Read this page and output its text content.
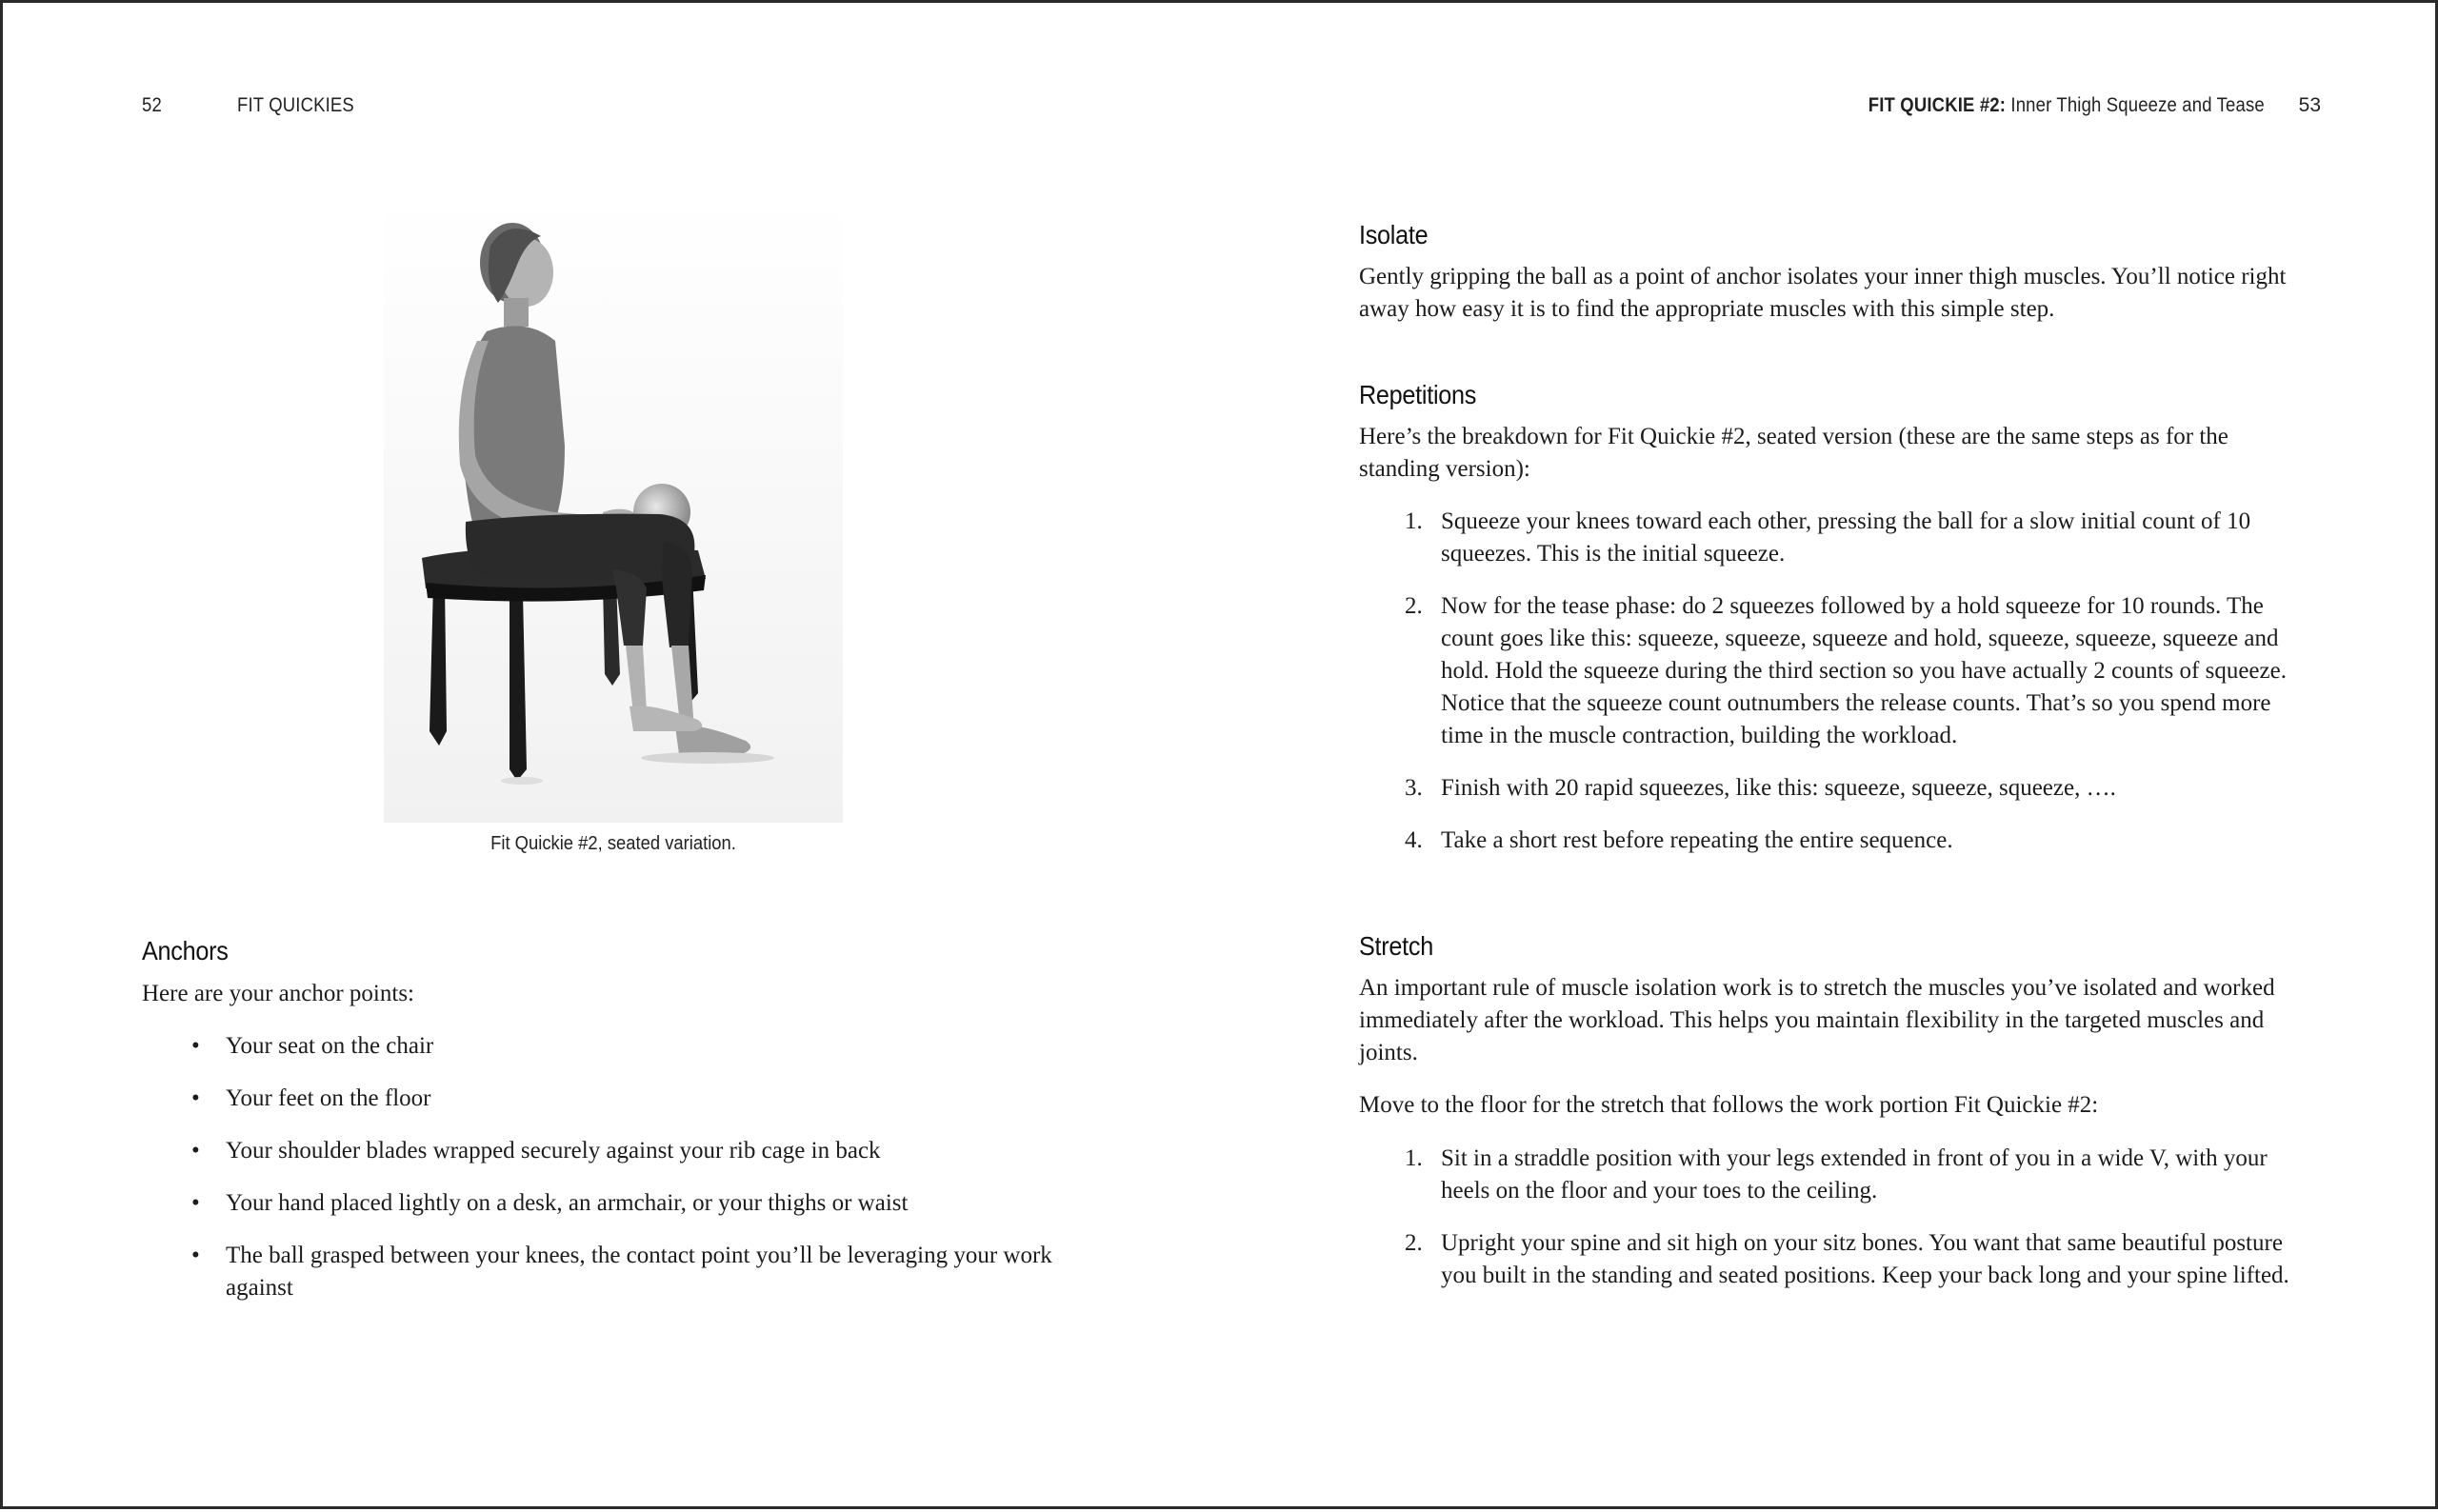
52	FIT QUICKIES
Fit Quickie #2, seated variation.
Anchors
Here are your anchor points:
• Your seat on the chair
• Your feet on the floor
• Your shoulder blades wrapped securely against your rib cage in back
• Your hand placed lightly on a desk, an armchair, or your thighs or waist
• The ball grasped between your knees, the contact point you’ll be leveraging your work against
FIT QUICKIE #2: Inner Thigh Squeeze and Tease 53
Isolate
Gently gripping the ball as a point of anchor isolates your inner thigh muscles. You’ll notice right away how easy it is to find the appropriate muscles with this simple step.
Repetitions
Here’s the breakdown for Fit Quickie #2, seated version (these are the same steps as for the standing version):
1. Squeeze your knees toward each other, pressing the ball for a slow initial count of 10 squeezes. This is the initial squeeze.
2. Now for the tease phase: do 2 squeezes followed by a hold squeeze for 10 rounds. The count goes like this: squeeze, squeeze, squeeze and hold, squeeze, squeeze, squeeze and hold. Hold the squeeze during the third section so you have actually 2 counts of squeeze. Notice that the squeeze count outnumbers the release counts. That’s so you spend more time in the muscle contraction, building the workload.
3. Finish with 20 rapid squeezes, like this: squeeze, squeeze, squeeze, ….
4. Take a short rest before repeating the entire sequence.
Stretch
An important rule of muscle isolation work is to stretch the muscles you’ve isolated and worked immediately after the workload. This helps you maintain flexibility in the targeted muscles and joints.
Move to the floor for the stretch that follows the work portion Fit Quickie #2:
1. Sit in a straddle position with your legs extended in front of you in a wide V, with your heels on the floor and your toes to the ceiling.
2. Upright your spine and sit high on your sitz bones. You want that same beautiful posture you built in the standing and seated positions. Keep your back long and your spine lifted.
